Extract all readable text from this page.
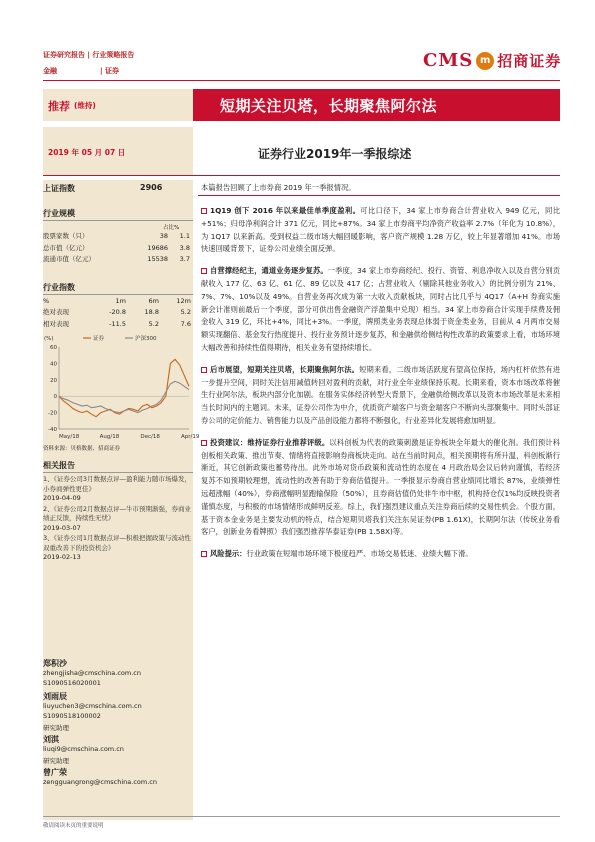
证券研究报告 | 行业策略报告
金融	| 证券	CMS m 招商证券
推荐 (维持)	短期关注贝塔，长期聚焦阿尔法
2019 年 05 月 07 日	证券行业2019年一季报综述
上证指数	2906
行业规模
占比%
股票家数（只）	38	1.1
总市值（亿元）	19686	3.8
流通市值（亿元）	15538	3.7
行业指数
%	1m	6m	12m
绝对表现	-20.8	18.8	5.2
相对表现	-11.5	5.2	7.6
(%)
60
40
20
0
-20
-40
May/18	Aug/18	Dec/18	Apr/19
证券	沪深300
资料来源：贝格数据、招商证券
相关报告
1、《证券公司3月数据点评—盈利能力随市场爆发，小券商弹性更佳》
2019-04-09
2、《证券公司2月数据点评—牛市预期渐强，券商业绩正反馈，持续性无忧》
2019-03-07
3、《证券公司1月数据点评—积极把握政策与流动性双重改善下的投资机会》
2019-02-13
郑积沙
zhengjisha@cmschina.com.cn
S1090516020001
刘雨辰
liuyuchen3@cmschina.com.cn
S1090518100002
研究助理
刘淇
liuqi9@cmschina.com.cn
研究助理
曾广荣
zengguangrong@cmschina.com.cn
本篇报告回顾了上市券商 2019 年一季报情况。
1Q19 创下 2016 年以来最佳单季度盈利。可比口径下，34 家上市券商合计营业收入 949 亿元，同比+51%；归母净利润合计 371 亿元，同比+87%。34 家上市券商平均净资产收益率 2.7%（年化为 10.8%），为 1Q17 以来新高。受到权益二级市场大幅回暖影响，客户资产规模 1.28 万亿，较上年显著增加 41%。市场快速回暖背景下，证券公司业绩全面反弹。
自营撑经纪主，通道业务逐步复苏。一季度，34 家上市券商经纪、投行、资管、利息净收入以及自营分别贡献收入 177 亿、63 亿、61 亿、89 亿以及 417 亿；占营业收入（剔除其他业务收入）的比例分别为 21%、7%、7%、10%以及 49%。自营业务再次成为第一大收入贡献板块，同时占比几乎与 4Q17（A+H 券商实施新会计准则前最后一个季度，部分可供出售金融资产浮盈集中兑现）相当。34 家上市券商合计实现手续费及佣金收入 319 亿，环比+4%，同比+3%。一季度，牌照类业务表现总体弱于资金类业务，目前从 4 月两市交易额实现翻倍、基金发行热度提升、投行业务预计逐步复苏，和金融供给侧结构性改革的政策要求上看，市场环境大幅改善和持续性值得期待，相关业务有望持续增长。
后市展望，短期关注贝塔，长期聚焦阿尔法。短期来看，二级市场活跃度有望高位保持，场内杠杆依然有进一步提升空间，同时关注信用减值转回对盈利的贡献，对行业全年业绩保持乐观。长期来看，资本市场改革将催生行业阿尔法，板块内部分化加剧。在服务实体经济转型大背景下，金融供给侧改革以及资本市场改革是未来相当长时间内的主题词。未来，证券公司作为中介，优质资产端客户与资金端客户不断向头部聚集中。同时头部证券公司的定价能力、销售能力以及产品创设能力都将不断强化，行业差异化发展将愈加明显。
投资建议：维持证券行业推荐评级。以科创板为代表的政策刺激是证券板块全年最大的催化剂。我们预计科创板相关政策、推出节奏、情绪将直接影响券商板块走向。站在当前时间点，相关预期将有所升温，科创板渐行渐近，其它创新政策也蓄势待出。此外市场对货币政策和流动性的态度在 4 月政治局会议后转向谨慎，若经济复苏不如预期较理想，流动性的改善有助于券商估值提升。一季报显示券商自营业绩同比增长 87%，业绩弹性远超涨幅（40%），券商涨幅明显跑输保险（50%），且券商估值仍处非牛市中枢，机构持仓仅1%均反映投资者谨慎态度，与积极的市场情绪形成鲜明反差。综上，我们强烈建议重点关注券商后续的交易性机会。个股方面，基于资本金业务是主要发动机的特点，结合短期贝塔我们关注东吴证券(PB 1.61X)，长期阿尔法（传统业务看客户，创新业务看牌照）我们强烈推荐华泰证券(PB 1.58X)等。
风险提示：行业政策在短端市场环境下极度趋严、市场交易低迷、业绩大幅下滑。
敬请阅读末页的重要说明
